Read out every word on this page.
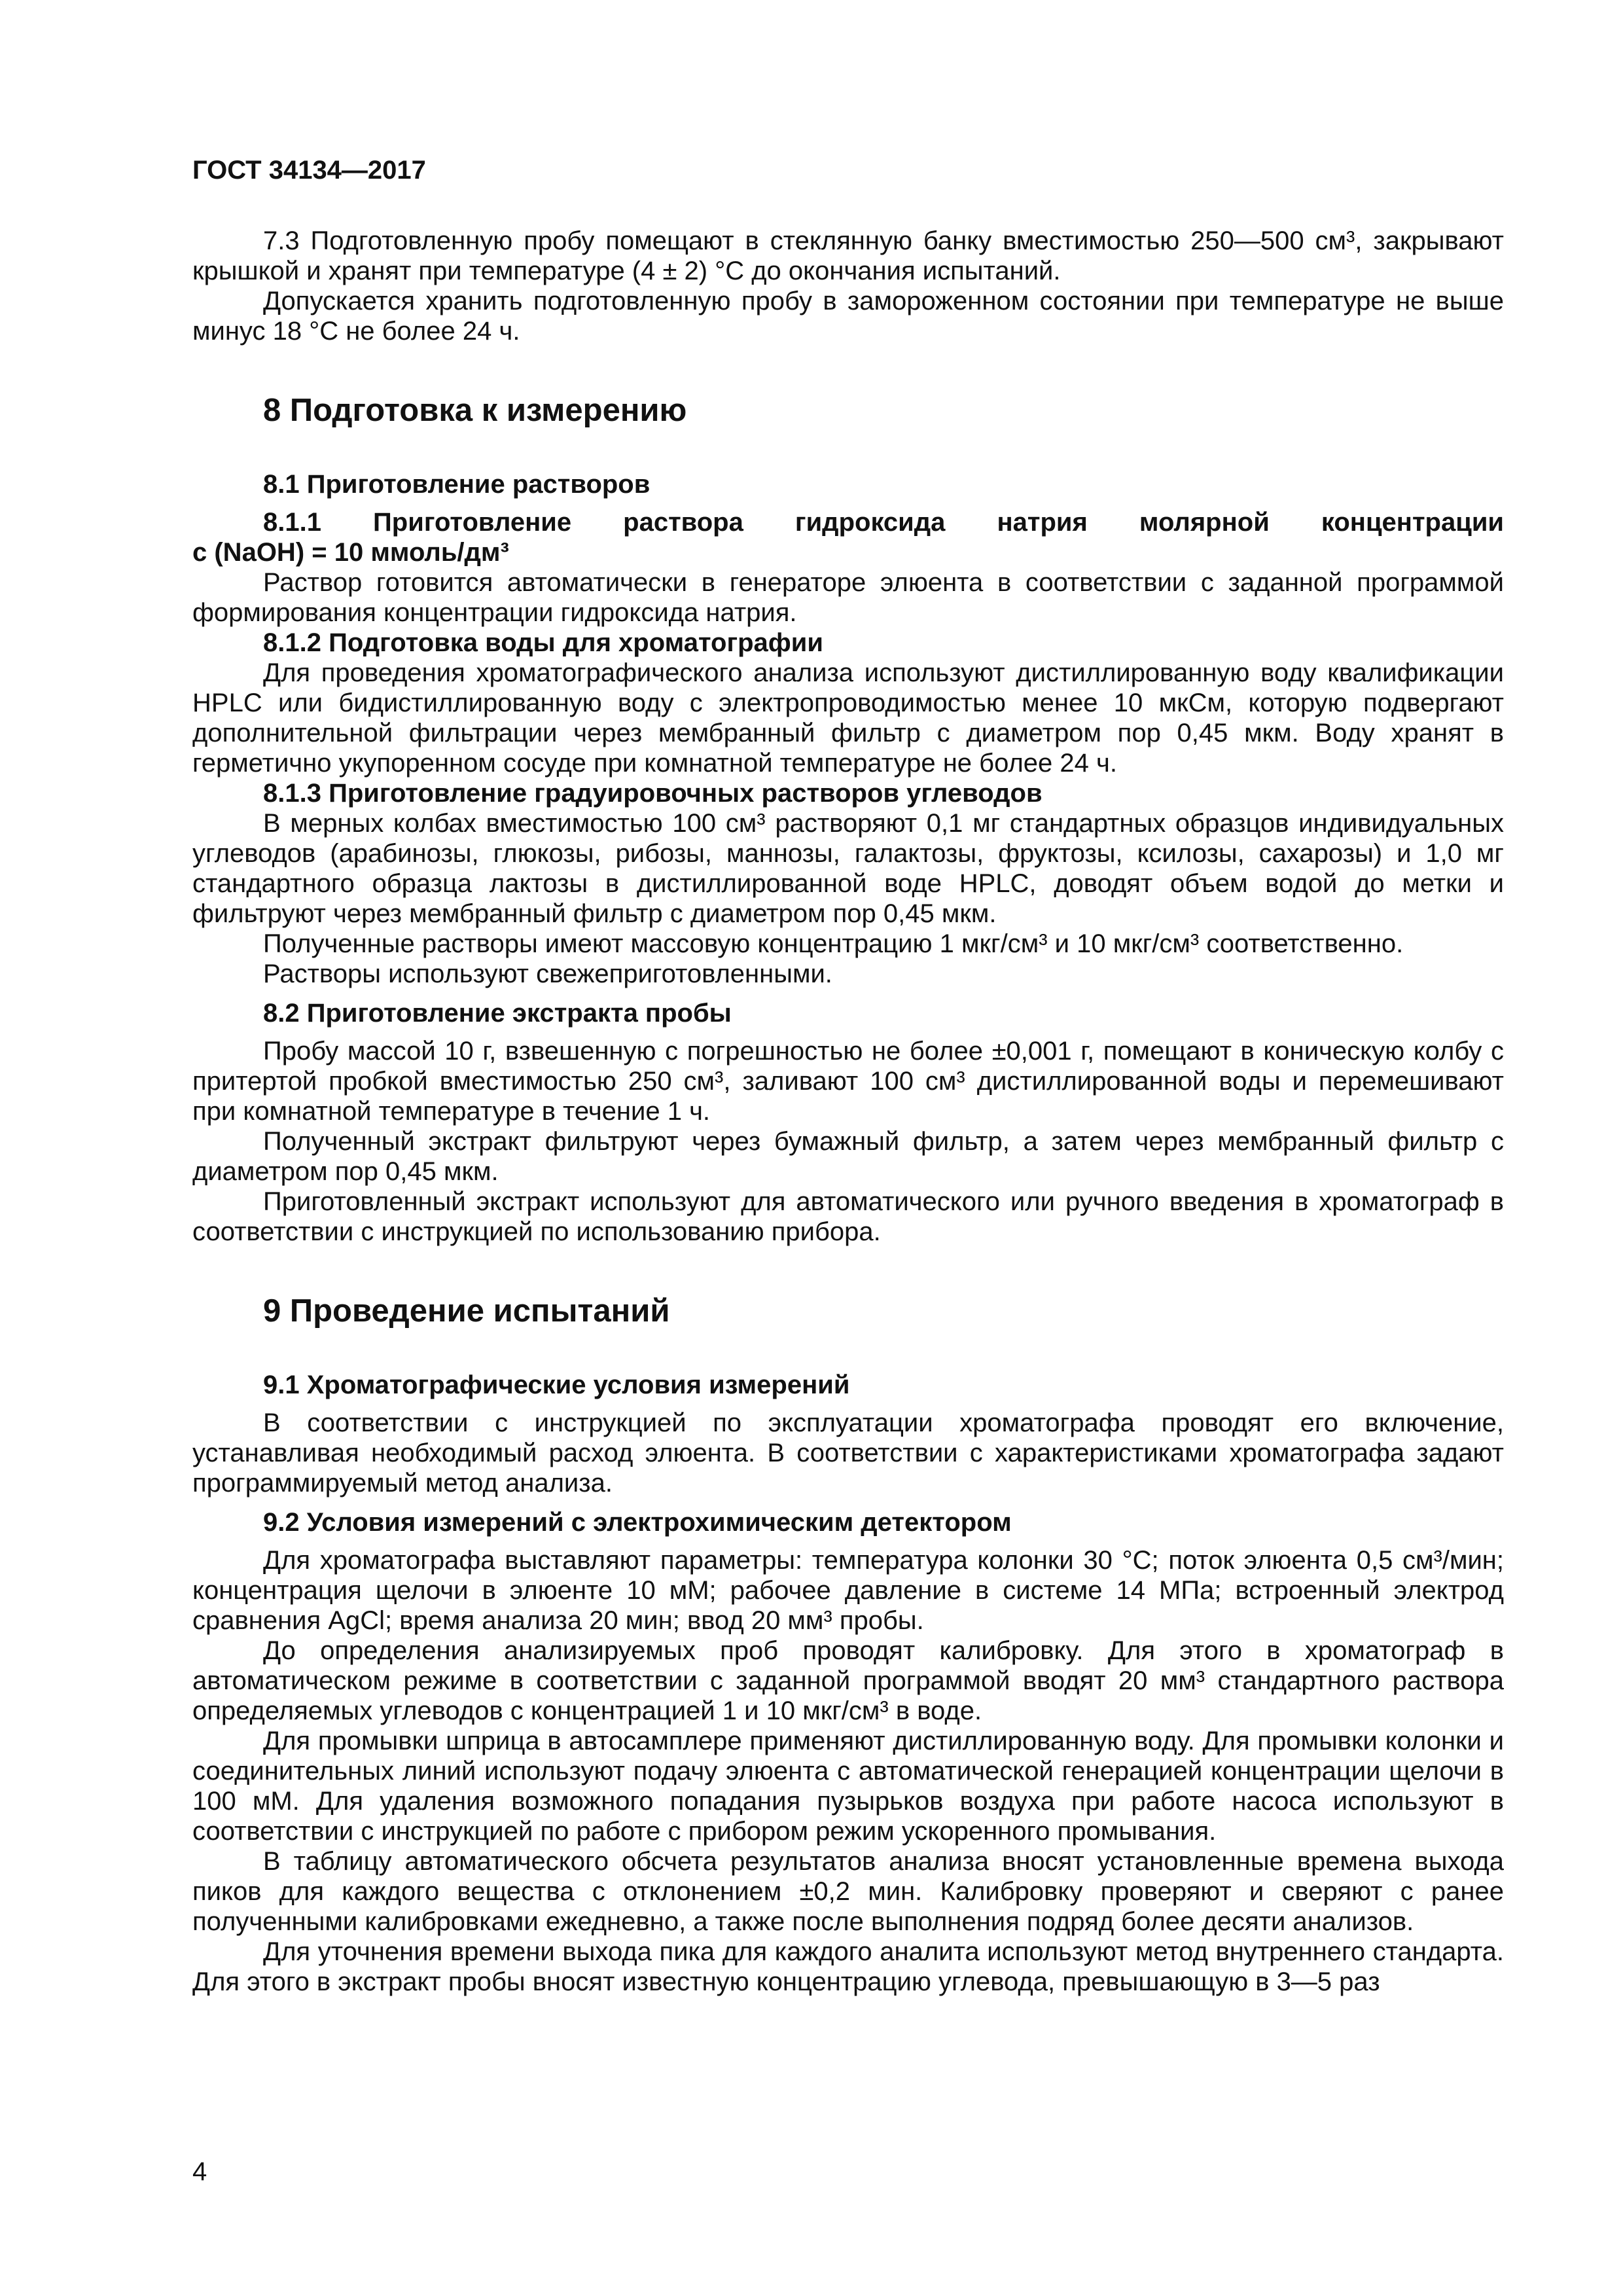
ГОСТ 34134—2017

7.3 Подготовленную пробу помещают в стеклянную банку вместимостью 250—500 см³, закрывают крышкой и хранят при температуре (4 ± 2) °С до окончания испытаний.

Допускается хранить подготовленную пробу в замороженном состоянии при температуре не выше минус 18 °С не более 24 ч.

8 Подготовка к измерению
8.1 Приготовление растворов
8.1.1 Приготовление раствора гидроксида натрия молярной концентрации
c (NaOH) = 10 ммоль/дм³

Раствор готовится автоматически в генераторе элюента в соответствии с заданной программой формирования концентрации гидроксида натрия.

8.1.2 Подготовка воды для хроматографии

Для проведения хроматографического анализа используют дистиллированную воду квалификации HPLC или бидистиллированную воду с электропроводимостью менее 10 мкСм, которую подвергают дополнительной фильтрации через мембранный фильтр с диаметром пор 0,45 мкм. Воду хранят в герметично укупоренном сосуде при комнатной температуре не более 24 ч.

8.1.3 Приготовление градуировочных растворов углеводов

В мерных колбах вместимостью 100 см³ растворяют 0,1 мг стандартных образцов индивидуальных углеводов (арабинозы, глюкозы, рибозы, маннозы, галактозы, фруктозы, ксилозы, сахарозы) и 1,0 мг стандартного образца лактозы в дистиллированной воде HPLC, доводят объем водой до метки и фильтруют через мембранный фильтр с диаметром пор 0,45 мкм.

Полученные растворы имеют массовую концентрацию 1 мкг/см³ и 10 мкг/см³ соответственно.

Растворы используют свежеприготовленными.

8.2 Приготовление экстракта пробы

Пробу массой 10 г, взвешенную с погрешностью не более ±0,001 г, помещают в коническую колбу с притертой пробкой вместимостью 250 см³, заливают 100 см³ дистиллированной воды и перемешивают при комнатной температуре в течение 1 ч.

Полученный экстракт фильтруют через бумажный фильтр, а затем через мембранный фильтр с диаметром пор 0,45 мкм.

Приготовленный экстракт используют для автоматического или ручного введения в хроматограф в соответствии с инструкцией по использованию прибора.

9 Проведение испытаний
9.1 Хроматографические условия измерений

В соответствии с инструкцией по эксплуатации хроматографа проводят его включение, устанавливая необходимый расход элюента. В соответствии с характеристиками хроматографа задают программируемый метод анализа.

9.2 Условия измерений с электрохимическим детектором

Для хроматографа выставляют параметры: температура колонки 30 °С; поток элюента 0,5 см³/мин; концентрация щелочи в элюенте 10 мМ; рабочее давление в системе 14 МПа; встроенный электрод сравнения AgCl; время анализа 20 мин; ввод 20 мм³ пробы.

До определения анализируемых проб проводят калибровку. Для этого в хроматограф в автоматическом режиме в соответствии с заданной программой вводят 20 мм³ стандартного раствора определяемых углеводов с концентрацией 1 и 10 мкг/см³ в воде.

Для промывки шприца в автосамплере применяют дистиллированную воду. Для промывки колонки и соединительных линий используют подачу элюента с автоматической генерацией концентрации щелочи в 100 мМ. Для удаления возможного попадания пузырьков воздуха при работе насоса используют в соответствии с инструкцией по работе с прибором режим ускоренного промывания.

В таблицу автоматического обсчета результатов анализа вносят установленные времена выхода пиков для каждого вещества с отклонением ±0,2 мин. Калибровку проверяют и сверяют с ранее полученными калибровками ежедневно, а также после выполнения подряд более десяти анализов.

Для уточнения времени выхода пика для каждого аналита используют метод внутреннего стандарта. Для этого в экстракт пробы вносят известную концентрацию углевода, превышающую в 3—5 раз

4
